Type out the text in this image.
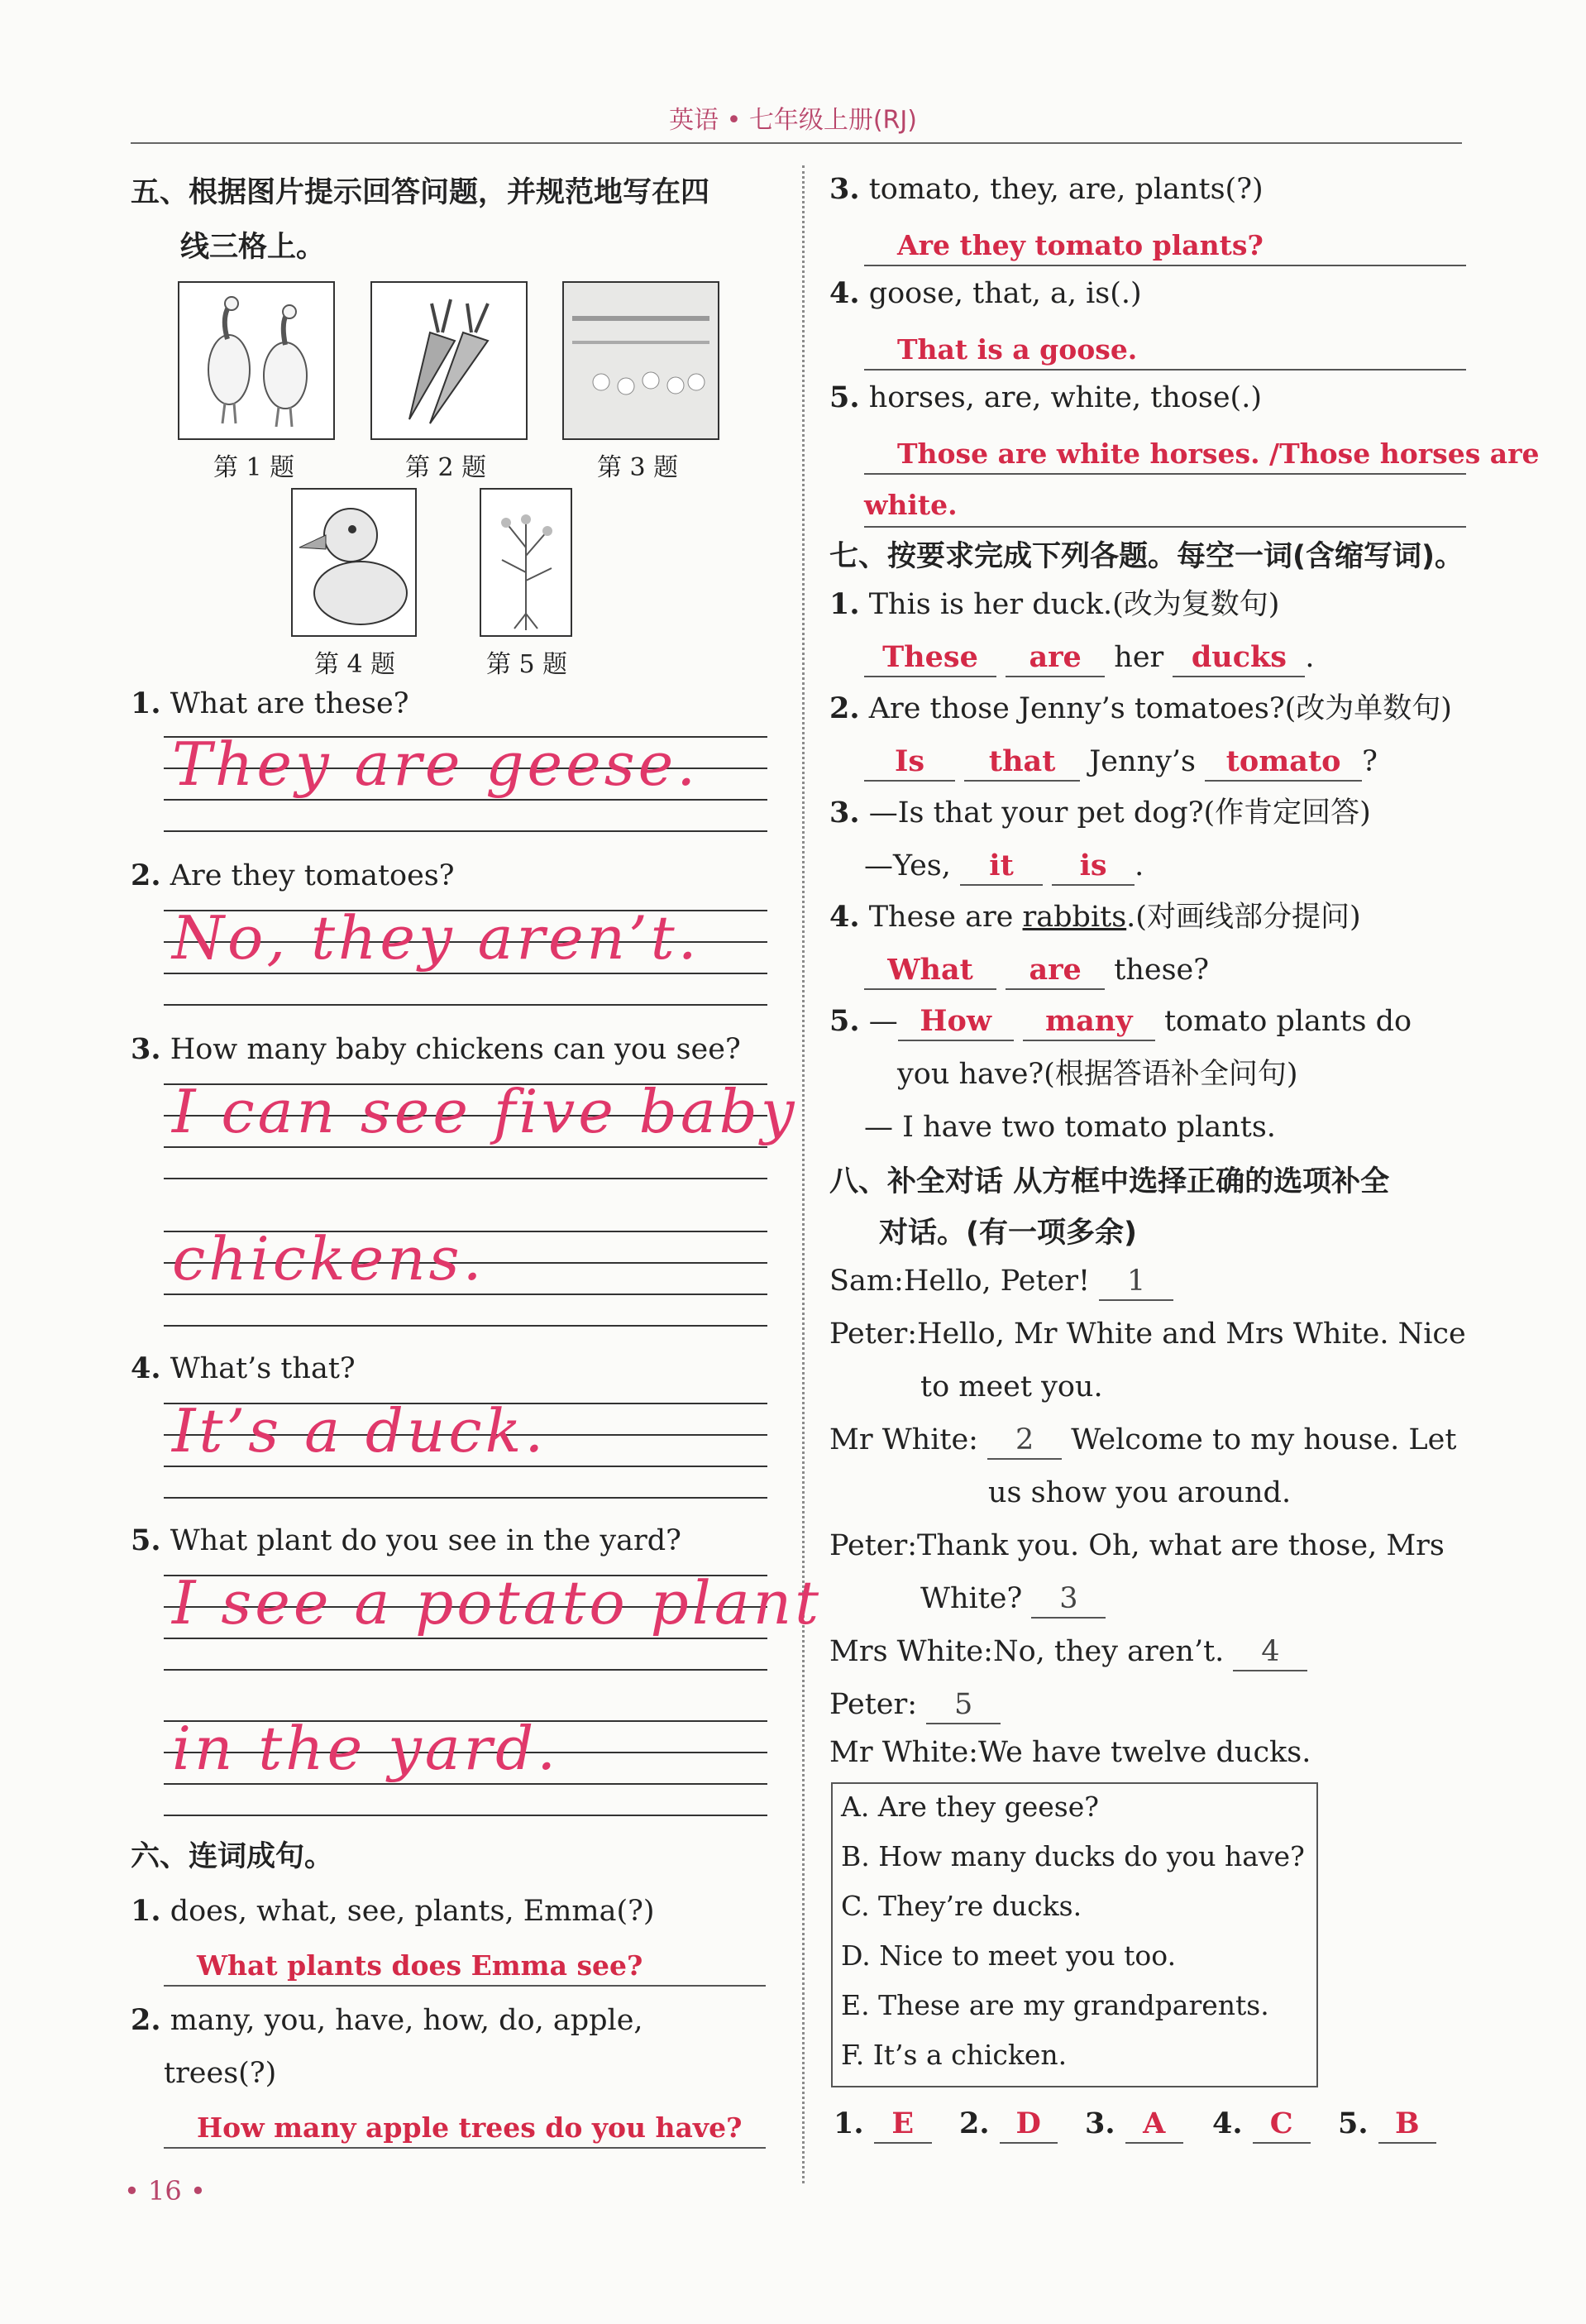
英语 • 七年级上册(RJ)
五、根据图片提示回答问题，并规范地写在四
线三格上。
第 1 题	第 2 题	第 3 题
第 4 题	第 5 题
1. What are these?
They are geese.
2. Are they tomatoes?
No, they aren’t.
3. How many baby chickens can you see?
I can see five baby
chickens.
4. What’s that?
It’s a duck.
5. What plant do you see in the yard?
I see a potato plant
in the yard.
六、连词成句。
1. does, what, see, plants, Emma(?)
What plants does Emma see?
2. many, you, have, how, do, apple,
trees(?)
How many apple trees do you have?
• 16 •
3. tomato, they, are, plants(?)
Are they tomato plants?
4. goose, that, a, is(.)
That is a goose.
5. horses, are, white, those(.)
Those are white horses. /Those horses are
white.
七、按要求完成下列各题。每空一词(含缩写词)。
1. This is her duck.(改为复数句)
These are her ducks .
2. Are those Jenny’s tomatoes?(改为单数句)
Is that Jenny’s tomato ?
3. —Is that your pet dog?(作肯定回答)
—Yes, it is .
4. These are rabbits.(对画线部分提问)
What are these?
5. — How many tomato plants do
you have?(根据答语补全问句)
— I have two tomato plants.
八、补全对话 从方框中选择正确的选项补全
对话。(有一项多余)
Sam:Hello, Peter! 1
Peter:Hello, Mr White and Mrs White. Nice
to meet you.
Mr White: 2 Welcome to my house. Let
us show you around.
Peter:Thank you. Oh, what are those, Mrs
White? 3
Mrs White:No, they aren’t. 4
Peter: 5
Mr White:We have twelve ducks.
A. Are they geese?
B. How many ducks do you have?
C. They’re ducks.
D. Nice to meet you too.
E. These are my grandparents.
F. It’s a chicken.
1. E	2. D	3. A	4. C	5. B
